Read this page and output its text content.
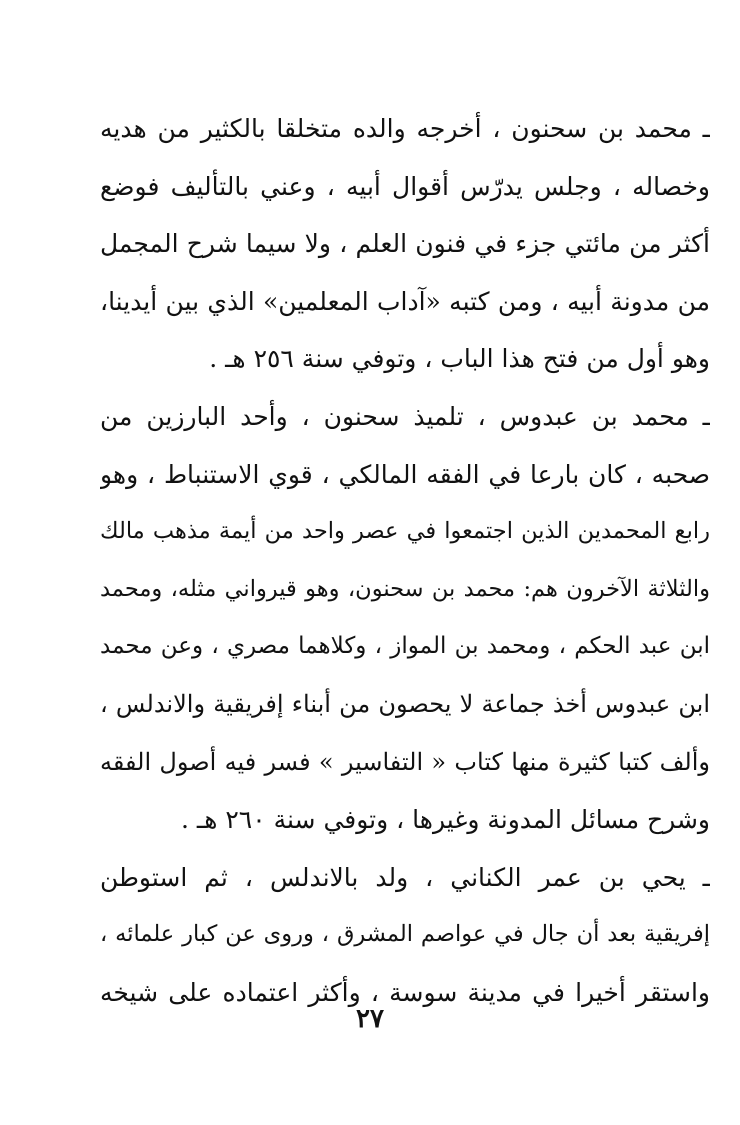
ـ محمد بن سحنون ، أخرجه والده متخلقا بالكثير من هديه
وخصاله ، وجلس يدرّس أقوال أبيه ، وعني بالتأليف فوضع
أكثر من مائتي جزء في فنون العلم ، ولا سيما شرح المجمل
من مدونة أبيه ، ومن كتبه «آداب المعلمين» الذي بين أيدينا،
وهو أول من فتح هذا الباب ، وتوفي سنة ٢٥٦ هـ .
ـ محمد بن عبدوس ، تلميذ سحنون ، وأحد البارزين من
صحبه ، كان بارعا في الفقه المالكي ، قوي الاستنباط ، وهو
رابع المحمدين الذين اجتمعوا في عصر واحد من أيمة مذهب مالك
والثلاثة الآخرون هم: محمد بن سحنون، وهو قيرواني مثله، ومحمد
ابن عبد الحكم ، ومحمد بن المواز ، وكلاهما مصري ، وعن محمد
ابن عبدوس أخذ جماعة لا يحصون من أبناء إفريقية والاندلس ،
وألف كتبا كثيرة منها كتاب « التفاسير » فسر فيه أصول الفقه
وشرح مسائل المدونة وغيرها ، وتوفي سنة ٢٦٠ هـ .
ـ يحي بن عمر الكناني ، ولد بالاندلس ، ثم استوطن
إفريقية بعد أن جال في عواصم المشرق ، وروى عن كبار علمائه ،
واستقر أخيرا في مدينة سوسة ، وأكثر اعتماده على شيخه
٢٧
